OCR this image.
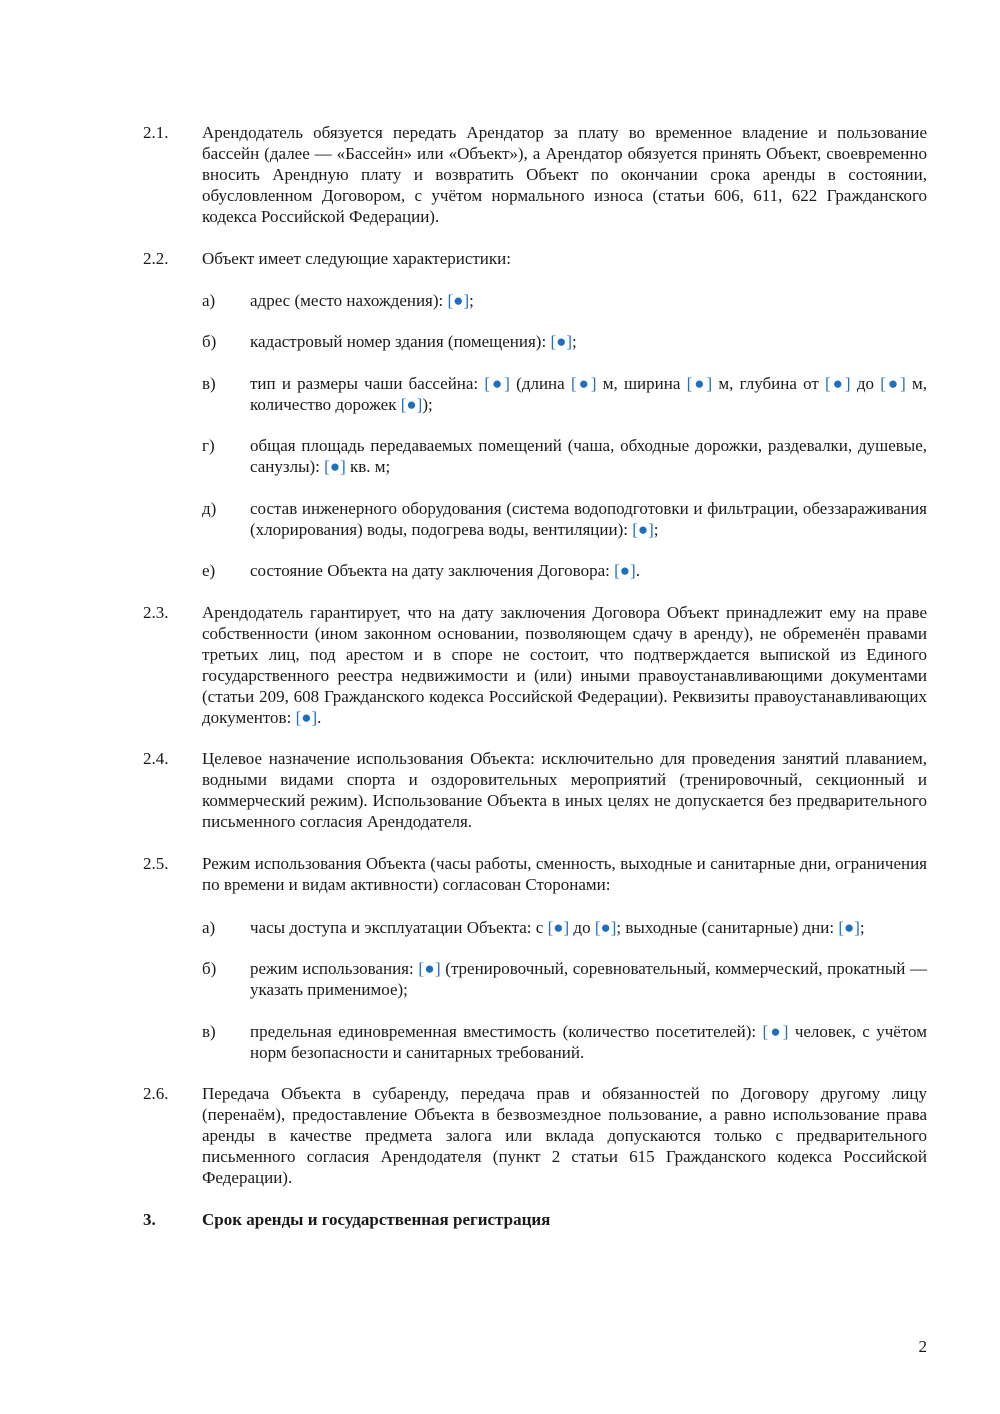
2.1. Арендодатель обязуется передать Арендатор за плату во временное владение и пользование бассейн (далее — «Бассейн» или «Объект»), а Арендатор обязуется принять Объект, своевременно вносить Арендную плату и возвратить Объект по окончании срока аренды в состоянии, обусловленном Договором, с учётом нормального износа (статьи 606, 611, 622 Гражданского кодекса Российской Федерации).
2.2. Объект имеет следующие характеристики:
а) адрес (место нахождения): [●];
б) кадастровый номер здания (помещения): [●];
в) тип и размеры чаши бассейна: [●] (длина [●] м, ширина [●] м, глубина от [●] до [●] м, количество дорожек [●]);
г) общая площадь передаваемых помещений (чаша, обходные дорожки, раздевалки, душевые, санузлы): [●] кв. м;
д) состав инженерного оборудования (система водоподготовки и фильтрации, обеззараживания (хлорирования) воды, подогрева воды, вентиляции): [●];
е) состояние Объекта на дату заключения Договора: [●].
2.3. Арендодатель гарантирует, что на дату заключения Договора Объект принадлежит ему на праве собственности (ином законном основании, позволяющем сдачу в аренду), не обременён правами третьих лиц, под арестом и в споре не состоит, что подтверждается выпиской из Единого государственного реестра недвижимости и (или) иными правоустанавливающими документами (статьи 209, 608 Гражданского кодекса Российской Федерации). Реквизиты правоустанавливающих документов: [●].
2.4. Целевое назначение использования Объекта: исключительно для проведения занятий плаванием, водными видами спорта и оздоровительных мероприятий (тренировочный, секционный и коммерческий режим). Использование Объекта в иных целях не допускается без предварительного письменного согласия Арендодателя.
2.5. Режим использования Объекта (часы работы, сменность, выходные и санитарные дни, ограничения по времени и видам активности) согласован Сторонами:
а) часы доступа и эксплуатации Объекта: с [●] до [●]; выходные (санитарные) дни: [●];
б) режим использования: [●] (тренировочный, соревновательный, коммерческий, прокатный — указать применимое);
в) предельная единовременная вместимость (количество посетителей): [●] человек, с учётом норм безопасности и санитарных требований.
2.6. Передача Объекта в субаренду, передача прав и обязанностей по Договору другому лицу (перенаём), предоставление Объекта в безвозмездное пользование, а равно использование права аренды в качестве предмета залога или вклада допускаются только с предварительного письменного согласия Арендодателя (пункт 2 статьи 615 Гражданского кодекса Российской Федерации).
3.	Срок аренды и государственная регистрация
2
